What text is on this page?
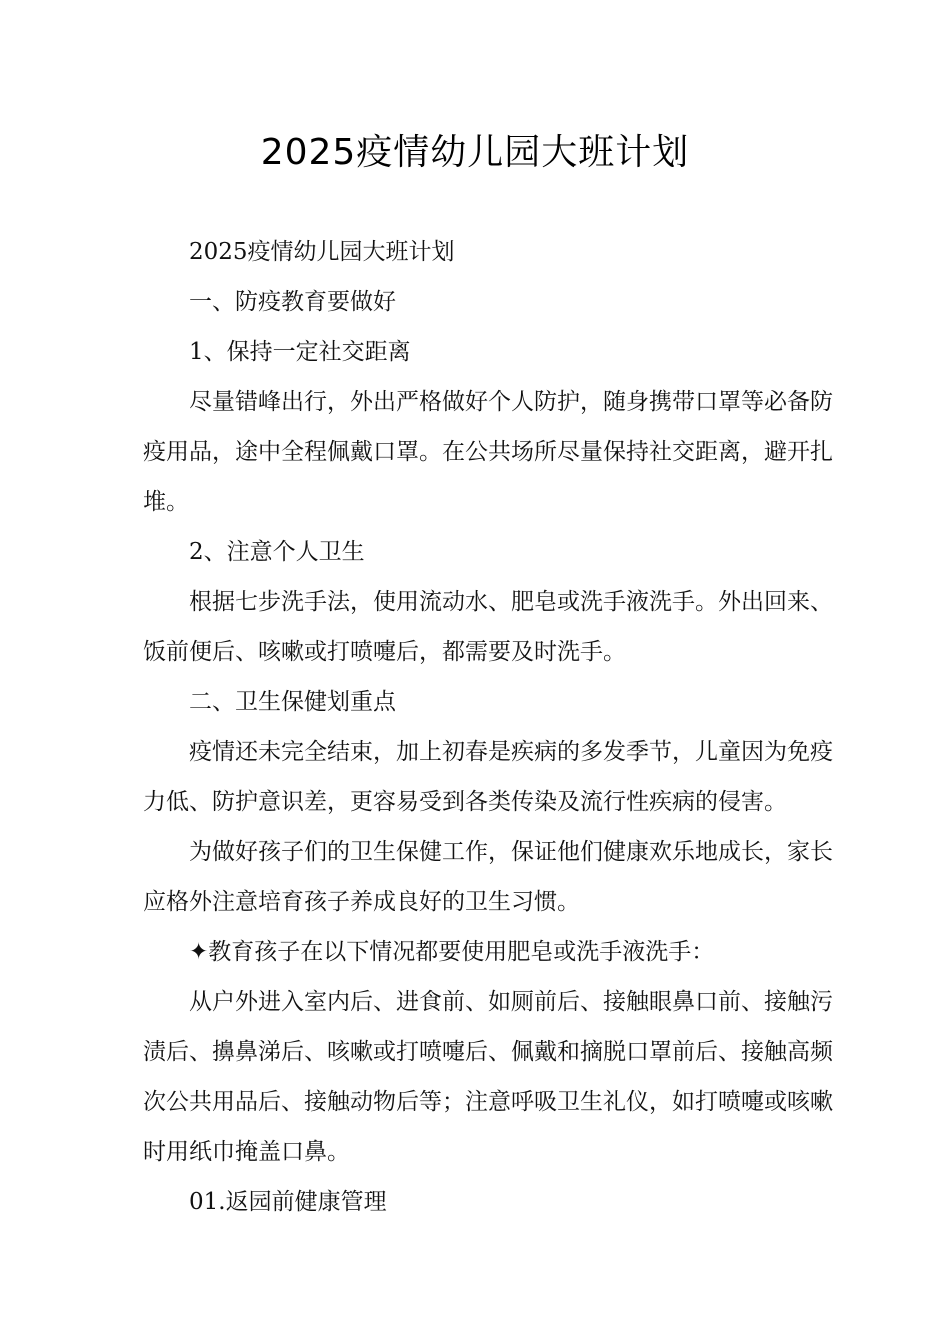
2025疫情幼儿园大班计划

2025疫情幼儿园大班计划

一、防疫教育要做好

1、保持一定社交距离

尽量错峰出行，外出严格做好个人防护，随身携带口罩等必备防疫用品，途中全程佩戴口罩。在公共场所尽量保持社交距离，避开扎堆。

2、注意个人卫生

根据七步洗手法，使用流动水、肥皂或洗手液洗手。外出回来、饭前便后、咳嗽或打喷嚏后，都需要及时洗手。

二、卫生保健划重点

疫情还未完全结束，加上初春是疾病的多发季节，儿童因为免疫力低、防护意识差，更容易受到各类传染及流行性疾病的侵害。

为做好孩子们的卫生保健工作，保证他们健康欢乐地成长，家长应格外注意培育孩子养成良好的卫生习惯。

✦教育孩子在以下情况都要使用肥皂或洗手液洗手：

从户外进入室内后、进食前、如厕前后、接触眼鼻口前、接触污渍后、擤鼻涕后、咳嗽或打喷嚏后、佩戴和摘脱口罩前后、接触高频次公共用品后、接触动物后等；注意呼吸卫生礼仪，如打喷嚏或咳嗽时用纸巾掩盖口鼻。

01.返园前健康管理
